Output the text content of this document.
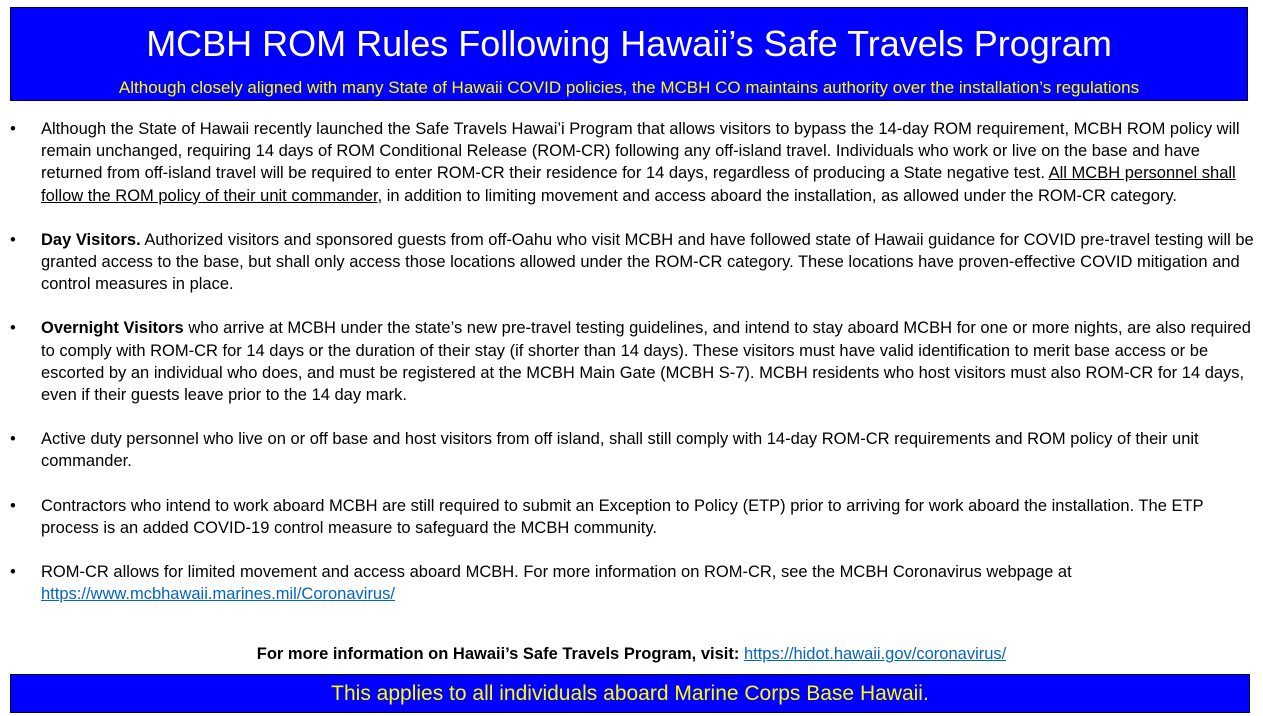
MCBH ROM Rules Following Hawaii’s Safe Travels Program
Although closely aligned with many State of Hawaii COVID policies, the MCBH CO maintains authority over the installation’s regulations
•	Although the State of Hawaii recently launched the Safe Travels Hawai’i Program that allows visitors to bypass the 14-day ROM requirement, MCBH ROM policy will remain unchanged, requiring 14 days of ROM Conditional Release (ROM-CR) following any off-island travel. Individuals who work or live on the base and have returned from off-island travel will be required to enter ROM-CR their residence for 14 days, regardless of producing a State negative test. All MCBH personnel shall follow the ROM policy of their unit commander, in addition to limiting movement and access aboard the installation, as allowed under the ROM-CR category.
•	Day Visitors. Authorized visitors and sponsored guests from off-Oahu who visit MCBH and have followed state of Hawaii guidance for COVID pre-travel testing will be granted access to the base, but shall only access those locations allowed under the ROM-CR category. These locations have proven-effective COVID mitigation and control measures in place.
•	Overnight Visitors who arrive at MCBH under the state’s new pre-travel testing guidelines, and intend to stay aboard MCBH for one or more nights, are also required to comply with ROM-CR for 14 days or the duration of their stay (if shorter than 14 days). These visitors must have valid identification to merit base access or be escorted by an individual who does, and must be registered at the MCBH Main Gate (MCBH S-7). MCBH residents who host visitors must also ROM-CR for 14 days, even if their guests leave prior to the 14 day mark.
•	Active duty personnel who live on or off base and host visitors from off island, shall still comply with 14-day ROM-CR requirements and ROM policy of their unit commander.
•	Contractors who intend to work aboard MCBH are still required to submit an Exception to Policy (ETP) prior to arriving for work aboard the installation. The ETP process is an added COVID-19 control measure to safeguard the MCBH community.
•	ROM-CR allows for limited movement and access aboard MCBH. For more information on ROM-CR, see the MCBH Coronavirus webpage at https://www.mcbhawaii.marines.mil/Coronavirus/
For more information on Hawaii’s Safe Travels Program, visit: https://hidot.hawaii.gov/coronavirus/
This applies to all individuals aboard Marine Corps Base Hawaii.
